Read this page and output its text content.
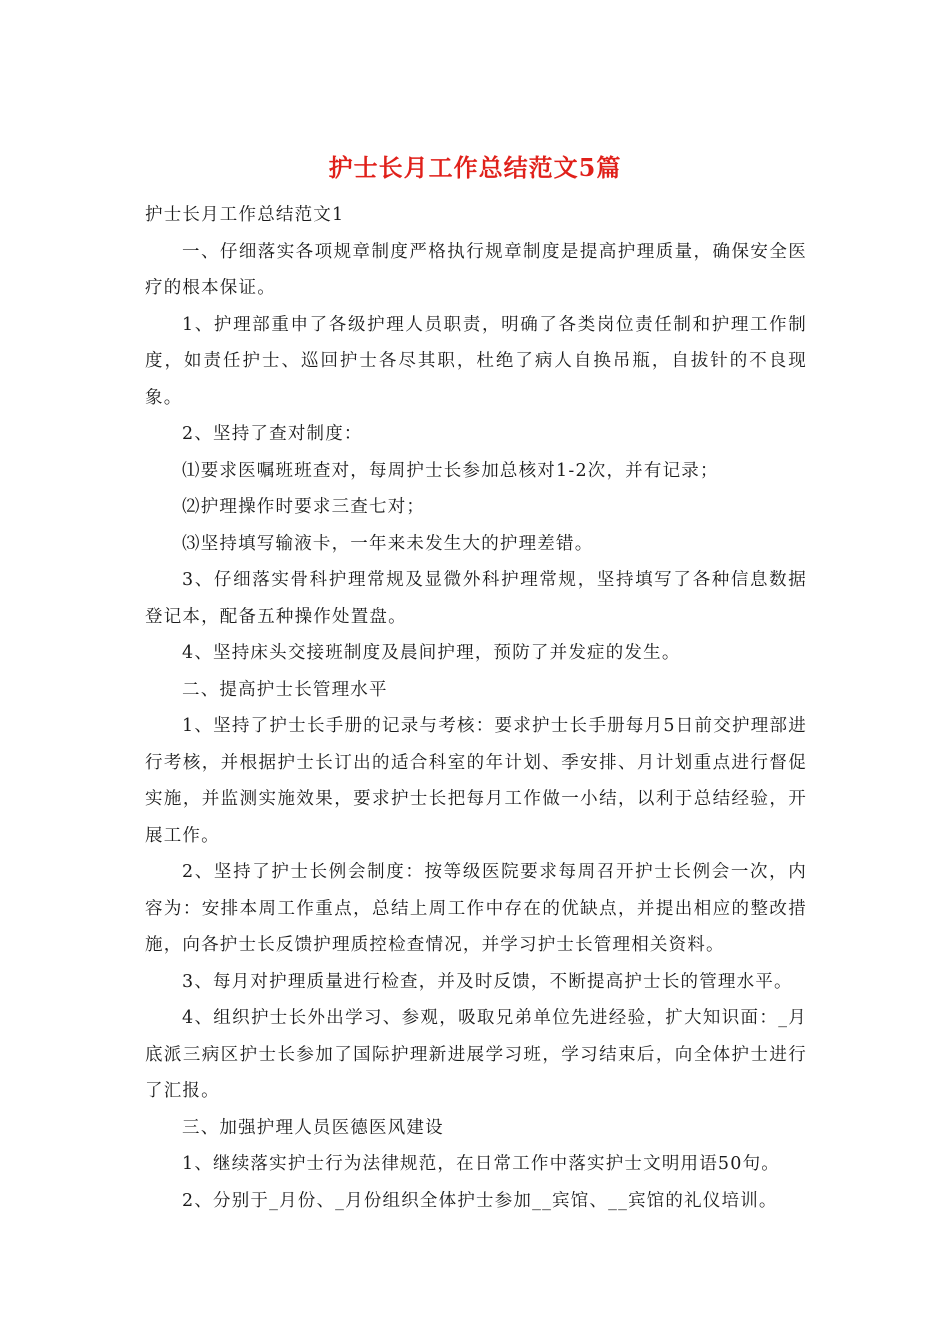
护士长月工作总结范文5篇

护士长月工作总结范文1

一、仔细落实各项规章制度严格执行规章制度是提高护理质量，确保安全医疗的根本保证。

1、护理部重申了各级护理人员职责，明确了各类岗位责任制和护理工作制度，如责任护士、巡回护士各尽其职，杜绝了病人自换吊瓶，自拔针的不良现象。

2、坚持了查对制度：

⑴要求医嘱班班查对，每周护士长参加总核对1-2次，并有记录；

⑵护理操作时要求三查七对；

⑶坚持填写输液卡，一年来未发生大的护理差错。

3、仔细落实骨科护理常规及显微外科护理常规，坚持填写了各种信息数据登记本，配备五种操作处置盘。

4、坚持床头交接班制度及晨间护理，预防了并发症的发生。

二、提高护士长管理水平

1、坚持了护士长手册的记录与考核：要求护士长手册每月5日前交护理部进行考核，并根据护士长订出的适合科室的年计划、季安排、月计划重点进行督促实施，并监测实施效果，要求护士长把每月工作做一小结，以利于总结经验，开展工作。

2、坚持了护士长例会制度：按等级医院要求每周召开护士长例会一次，内容为：安排本周工作重点，总结上周工作中存在的优缺点，并提出相应的整改措施，向各护士长反馈护理质控检查情况，并学习护士长管理相关资料。

3、每月对护理质量进行检查，并及时反馈，不断提高护士长的管理水平。

4、组织护士长外出学习、参观，吸取兄弟单位先进经验，扩大知识面：_月底派三病区护士长参加了国际护理新进展学习班，学习结束后，向全体护士进行了汇报。

三、加强护理人员医德医风建设

1、继续落实护士行为法律规范，在日常工作中落实护士文明用语50句。

2、分别于_月份、_月份组织全体护士参加__宾馆、__宾馆的礼仪培训。
